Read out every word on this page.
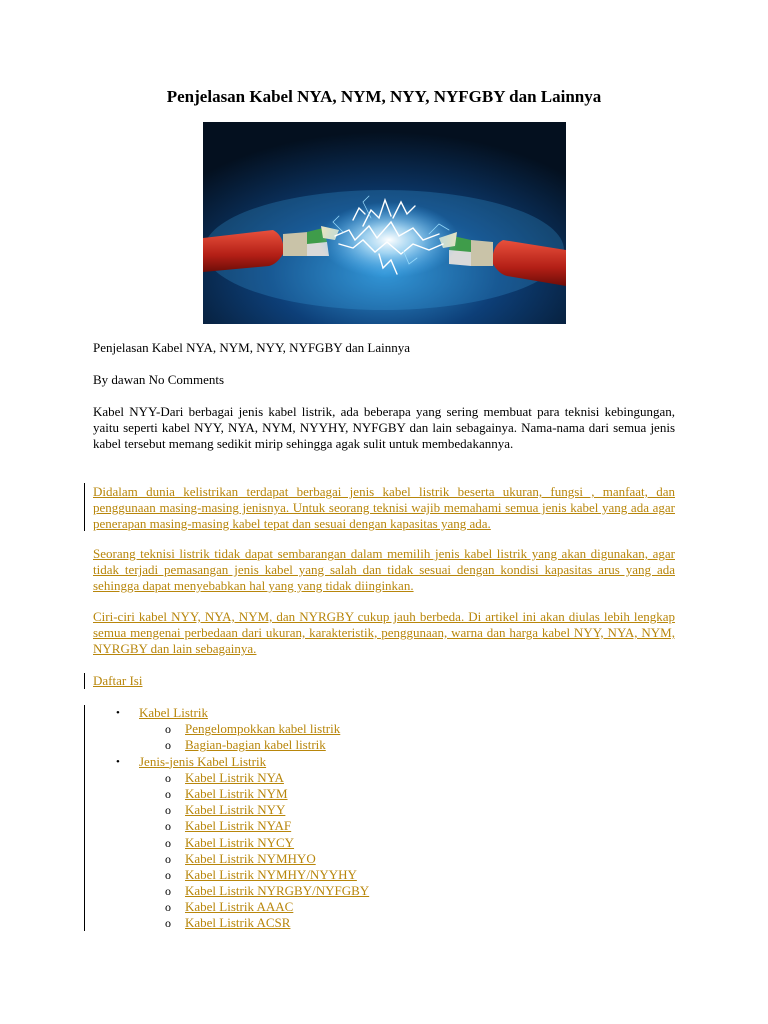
Penjelasan Kabel NYA, NYM, NYY, NYFGBY dan Lainnya
Penjelasan Kabel NYA, NYM, NYY, NYFGBY dan Lainnya
By dawan No Comments
Kabel NYY-Dari berbagai jenis kabel listrik, ada beberapa yang sering membuat para teknisi kebingungan, yaitu seperti kabel NYY, NYA, NYM, NYYHY, NYFGBY dan lain sebagainya. Nama-nama dari semua jenis kabel tersebut memang sedikit mirip sehingga agak sulit untuk membedakannya.
Didalam dunia kelistrikan terdapat berbagai jenis kabel listrik beserta ukuran, fungsi , manfaat, dan penggunaan masing-masing jenisnya. Untuk seorang teknisi wajib memahami semua jenis kabel yang ada agar penerapan masing-masing kabel tepat dan sesuai dengan kapasitas yang ada.
Seorang teknisi listrik tidak dapat sembarangan dalam memilih jenis kabel listrik yang akan digunakan, agar tidak terjadi pemasangan jenis kabel yang salah dan tidak sesuai dengan kondisi kapasitas arus yang ada sehingga dapat menyebabkan hal yang yang tidak diinginkan.
Ciri-ciri kabel NYY, NYA, NYM, dan NYRGBY cukup jauh berbeda. Di artikel ini akan diulas lebih lengkap semua mengenai perbedaan dari ukuran, karakteristik, penggunaan, warna dan harga kabel NYY, NYA, NYM, NYRGBY dan lain sebagainya.
Daftar Isi
• Kabel Listrik
o Pengelompokkan kabel listrik
o Bagian-bagian kabel listrik
• Jenis-jenis Kabel Listrik
o Kabel Listrik NYA
o Kabel Listrik NYM
o Kabel Listrik NYY
o Kabel Listrik NYAF
o Kabel Listrik NYCY
o Kabel Listrik NYMHYO
o Kabel Listrik NYMHY/NYYHY
o Kabel Listrik NYRGBY/NYFGBY
o Kabel Listrik AAAC
o Kabel Listrik ACSR
